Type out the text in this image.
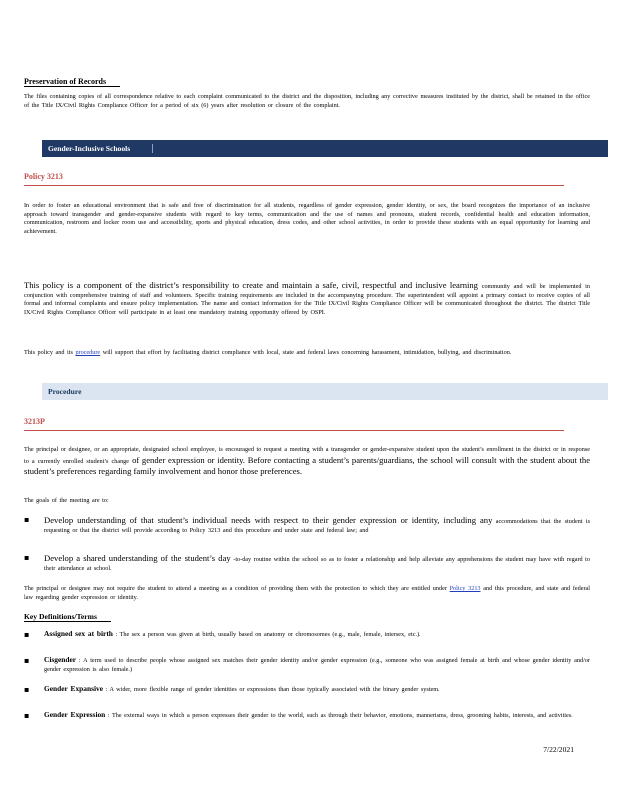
Preservation of Records
The files containing copies of all correspondence relative to each complaint communicated to the district and the disposition, including any corrective measures instituted by the district, shall be retained in the office of the Title IX/Civil Rights Compliance Officer for a period of six (6) years after resolution or closure of the complaint.
Gender-Inclusive Schools
Policy 3213
In order to foster an educational environment that is safe and free of discrimination for all students, regardless of gender expression, gender identity, or sex, the board recognizes the importance of an inclusive approach toward transgender and gender-expansive students with regard to key terms, communication and the use of names and pronouns, student records, confidential health and education information, communication, restroom and locker room use and accessibility, sports and physical education, dress codes, and other school activities, in order to provide these students with an equal opportunity for learning and achievement.
This policy is a component of the district’s responsibility to create and maintain a safe, civil, respectful and inclusive learning community and will be implemented in conjunction with comprehensive training of staff and volunteers. Specific training requirements are included in the accompanying procedure. The superintendent will appoint a primary contact to receive copies of all formal and informal complaints and ensure policy implementation. The name and contact information for the Title IX/Civil Rights Compliance Officer will be communicated throughout the district. The district Title IX/Civil Rights Compliance Officer will participate in at least one mandatory training opportunity offered by OSPI.
This policy and its procedure will support that effort by facilitating district compliance with local, state and federal laws concerning harassment, intimidation, bullying, and discrimination.
Procedure
3213P
The principal or designee, or an appropriate, designated school employee, is encouraged to request a meeting with a transgender or gender-expansive student upon the student’s enrollment in the district or in response to a currently enrolled student’s change of gender expression or identity. Before contacting a student’s parents/guardians, the school will consult with the student about the student’s preferences regarding family involvement and honor those preferences.
The goals of the meeting are to:
▪ Develop understanding of that student’s individual needs with respect to their gender expression or identity, including any accommodations that the student is requesting or that the district will provide according to Policy 3213 and this procedure and under state and federal law; and
▪ Develop a shared understanding of the student’s day -to-day routine within the school so as to foster a relationship and help alleviate any apprehensions the student may have with regard to their attendance at school.
The principal or designee may not require the student to attend a meeting as a condition of providing them with the protection to which they are entitled under Policy 3213 and this procedure, and state and federal law regarding gender expression or identity.
Key Definitions/Terms
▪ Assigned sex at birth : The sex a person was given at birth, usually based on anatomy or chromosomes (e.g., male, female, intersex, etc.).
▪ Cisgender : A term used to describe people whose assigned sex matches their gender identity and/or gender expression (e.g., someone who was assigned female at birth and whose gender identity and/or gender expression is also female.)
▪ Gender Expansive : A wider, more flexible range of gender identities or expressions than those typically associated with the binary gender system.
▪ Gender Expression : The external ways in which a person expresses their gender to the world, such as through their behavior, emotions, mannerisms, dress, grooming habits, interests, and activities.
7/22/2021
